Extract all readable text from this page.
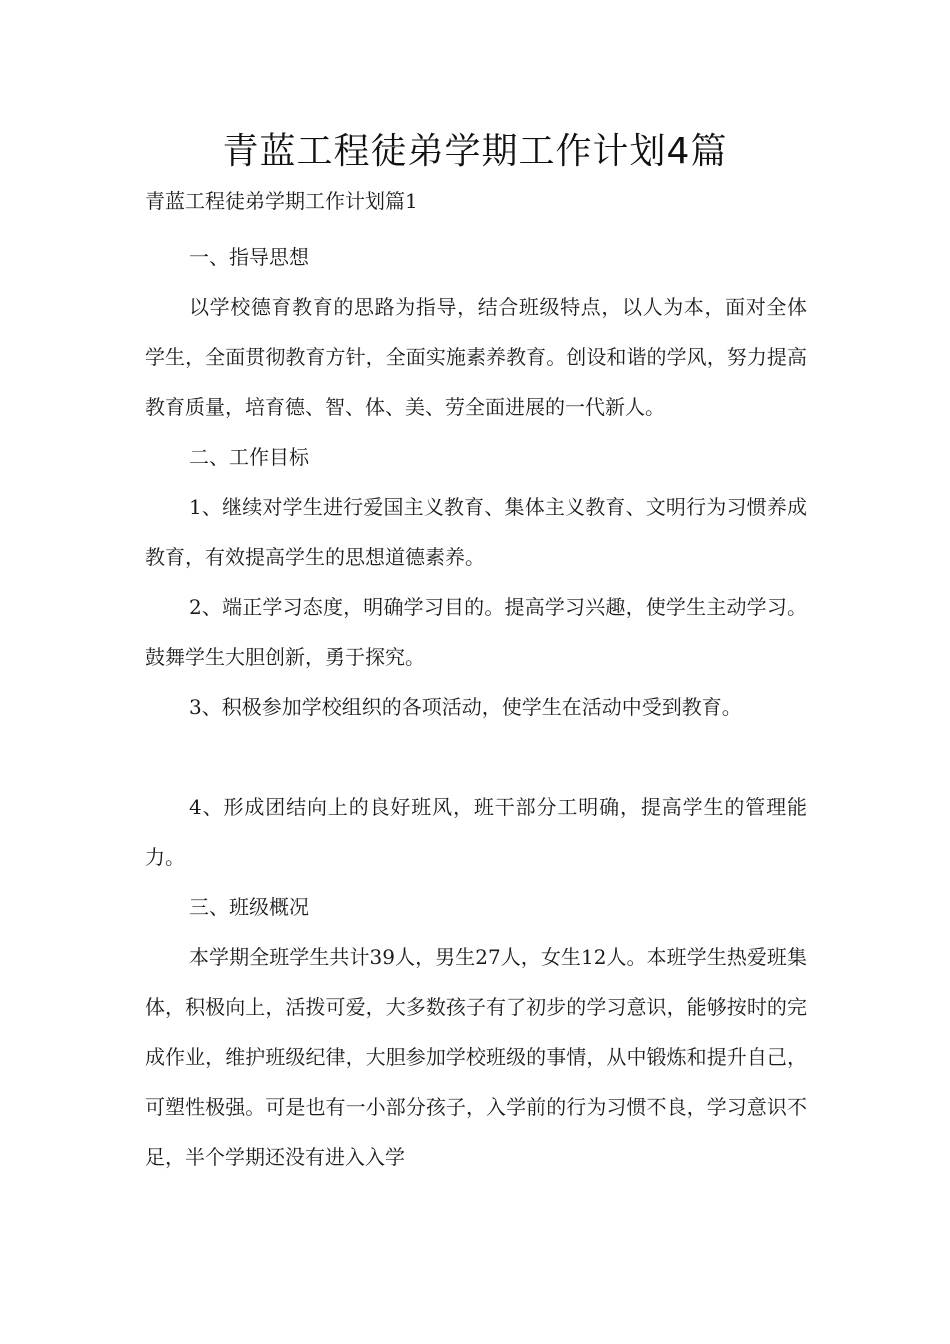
青蓝工程徒弟学期工作计划4篇
青蓝工程徒弟学期工作计划篇1

一、指导思想

以学校德育教育的思路为指导，结合班级特点，以人为本，面对全体学生，全面贯彻教育方针，全面实施素养教育。创设和谐的学风，努力提高教育质量，培育德、智、体、美、劳全面进展的一代新人。

二、工作目标

1、继续对学生进行爱国主义教育、集体主义教育、文明行为习惯养成教育，有效提高学生的思想道德素养。

2、端正学习态度，明确学习目的。提高学习兴趣，使学生主动学习。鼓舞学生大胆创新，勇于探究。

3、积极参加学校组织的各项活动，使学生在活动中受到教育。

4、形成团结向上的良好班风，班干部分工明确，提高学生的管理能力。

三、班级概况

本学期全班学生共计39人，男生27人，女生12人。本班学生热爱班集体，积极向上，活拨可爱，大多数孩子有了初步的学习意识，能够按时的完成作业，维护班级纪律，大胆参加学校班级的事情，从中锻炼和提升自己，可塑性极强。可是也有一小部分孩子，入学前的行为习惯不良，学习意识不足，半个学期还没有进入入学
